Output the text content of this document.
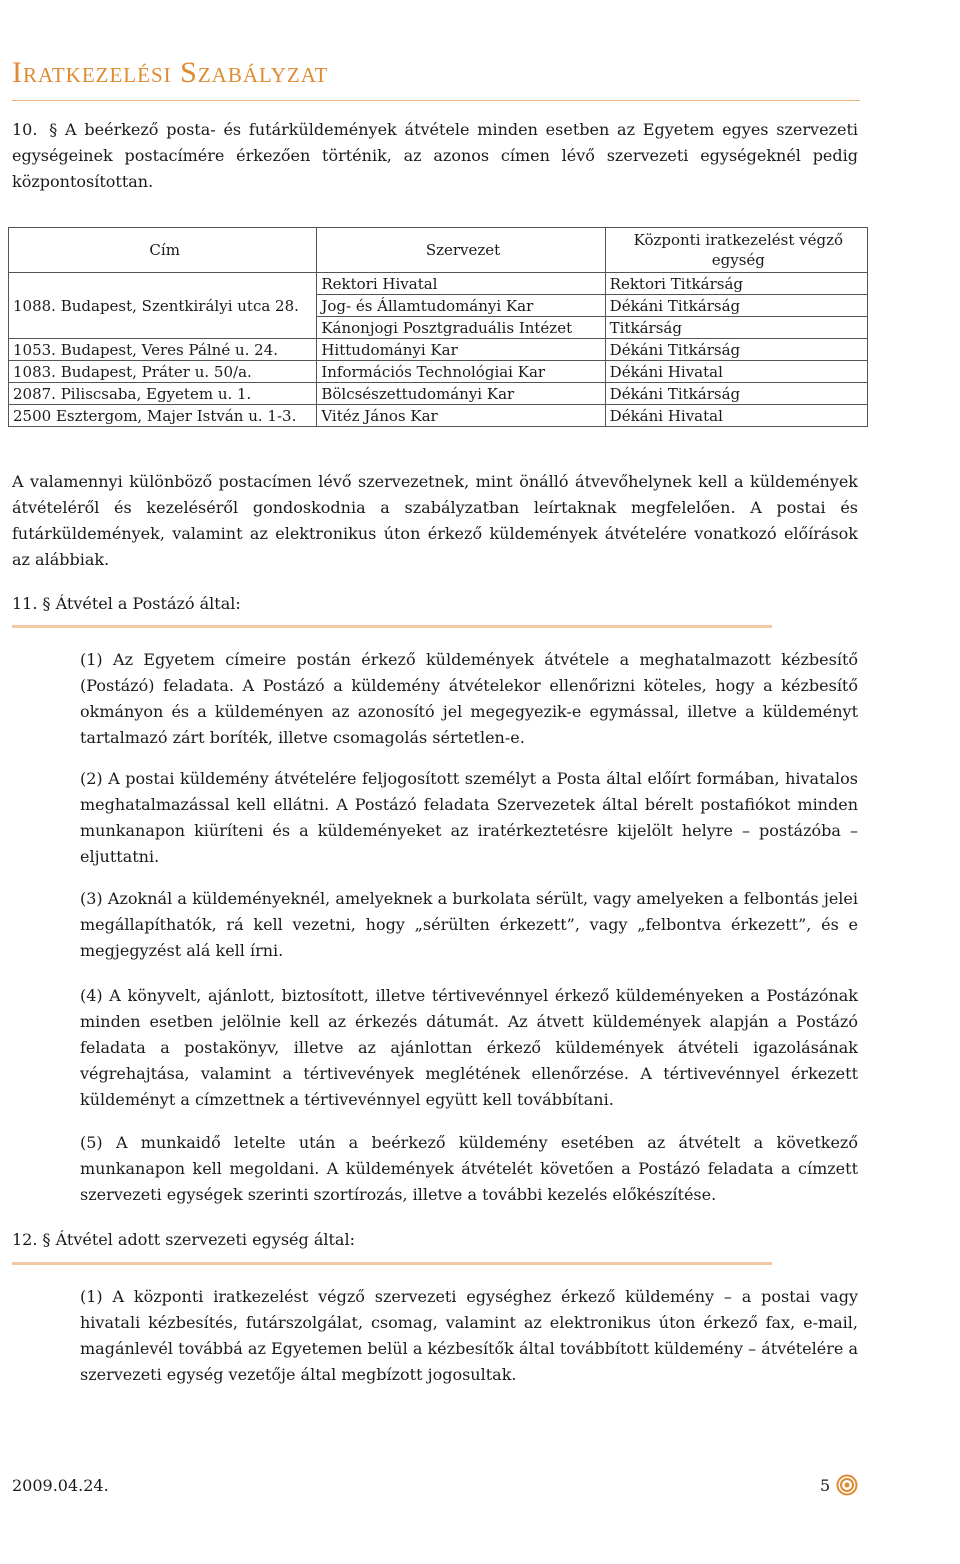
Iratkezelési Szabályzat

10. § A beérkező posta- és futárküldemények átvétele minden esetben az Egyetem egyes szervezeti egységeinek postacímére érkezően történik, az azonos címen lévő szervezeti egységeknél pedig központosítottan.

Cím	Szervezet	Központi iratkezelést végző egység
1088. Budapest, Szentkirályi utca 28.	Rektori Hivatal	Rektori Titkárság
	Jog- és Államtudományi Kar	Dékáni Titkárság
	Kánonjogi Posztgraduális Intézet	Titkárság
1053. Budapest, Veres Pálné u. 24.	Hittudományi Kar	Dékáni Titkárság
1083. Budapest, Práter u. 50/a.	Információs Technológiai Kar	Dékáni Hivatal
2087. Piliscsaba, Egyetem u. 1.	Bölcsészettudományi Kar	Dékáni Titkárság
2500 Esztergom, Majer István u. 1-3.	Vitéz János Kar	Dékáni Hivatal

A valamennyi különböző postacímen lévő szervezetnek, mint önálló átvevőhelynek kell a küldemények átvételéről és kezeléséről gondoskodnia a szabályzatban leírtaknak megfelelően. A postai és futárküldemények, valamint az elektronikus úton érkező küldemények átvételére vonatkozó előírások az alábbiak.

11. § Átvétel a Postázó által:

(1) Az Egyetem címeire postán érkező küldemények átvétele a meghatalmazott kézbesítő (Postázó) feladata. A Postázó a küldemény átvételekor ellenőrizni köteles, hogy a kézbesítő okmányon és a küldeményen az azonosító jel megegyezik-e egymással, illetve a küldeményt tartalmazó zárt boríték, illetve csomagolás sértetlen-e.

(2) A postai küldemény átvételére feljogosított személyt a Posta által előírt formában, hivatalos meghatalmazással kell ellátni. A Postázó feladata Szervezetek által bérelt postafiókot minden munkanapon kiüríteni és a küldeményeket az iratérkeztetésre kijelölt helyre – postázóba – eljuttatni.

(3) Azoknál a küldeményeknél, amelyeknek a burkolata sérült, vagy amelyeken a felbontás jelei megállapíthatók, rá kell vezetni, hogy „sérülten érkezett”, vagy „felbontva érkezett”, és e megjegyzést alá kell írni.

(4) A könyvelt, ajánlott, biztosított, illetve tértivevénnyel érkező küldeményeken a Postázónak minden esetben jelölnie kell az érkezés dátumát. Az átvett küldemények alapján a Postázó feladata a postakönyv, illetve az ajánlottan érkező küldemények átvételi igazolásának végrehajtása, valamint a tértivevények meglétének ellenőrzése. A tértivevénnyel érkezett küldeményt a címzettnek a tértivevénnyel együtt kell továbbítani.

(5) A munkaidő letelte után a beérkező küldemény esetében az átvételt a következő munkanapon kell megoldani. A küldemények átvételét követően a Postázó feladata a címzett szervezeti egységek szerinti szortírozás, illetve a további kezelés előkészítése.

12. § Átvétel adott szervezeti egység által:

(1) A központi iratkezelést végző szervezeti egységhez érkező küldemény – a postai vagy hivatali kézbesítés, futárszolgálat, csomag, valamint az elektronikus úton érkező fax, e-mail, magánlevél továbbá az Egyetemen belül a kézbesítők által továbbított küldemény – átvételére a szervezeti egység vezetője által megbízott jogosultak.

2009.04.24.	5
